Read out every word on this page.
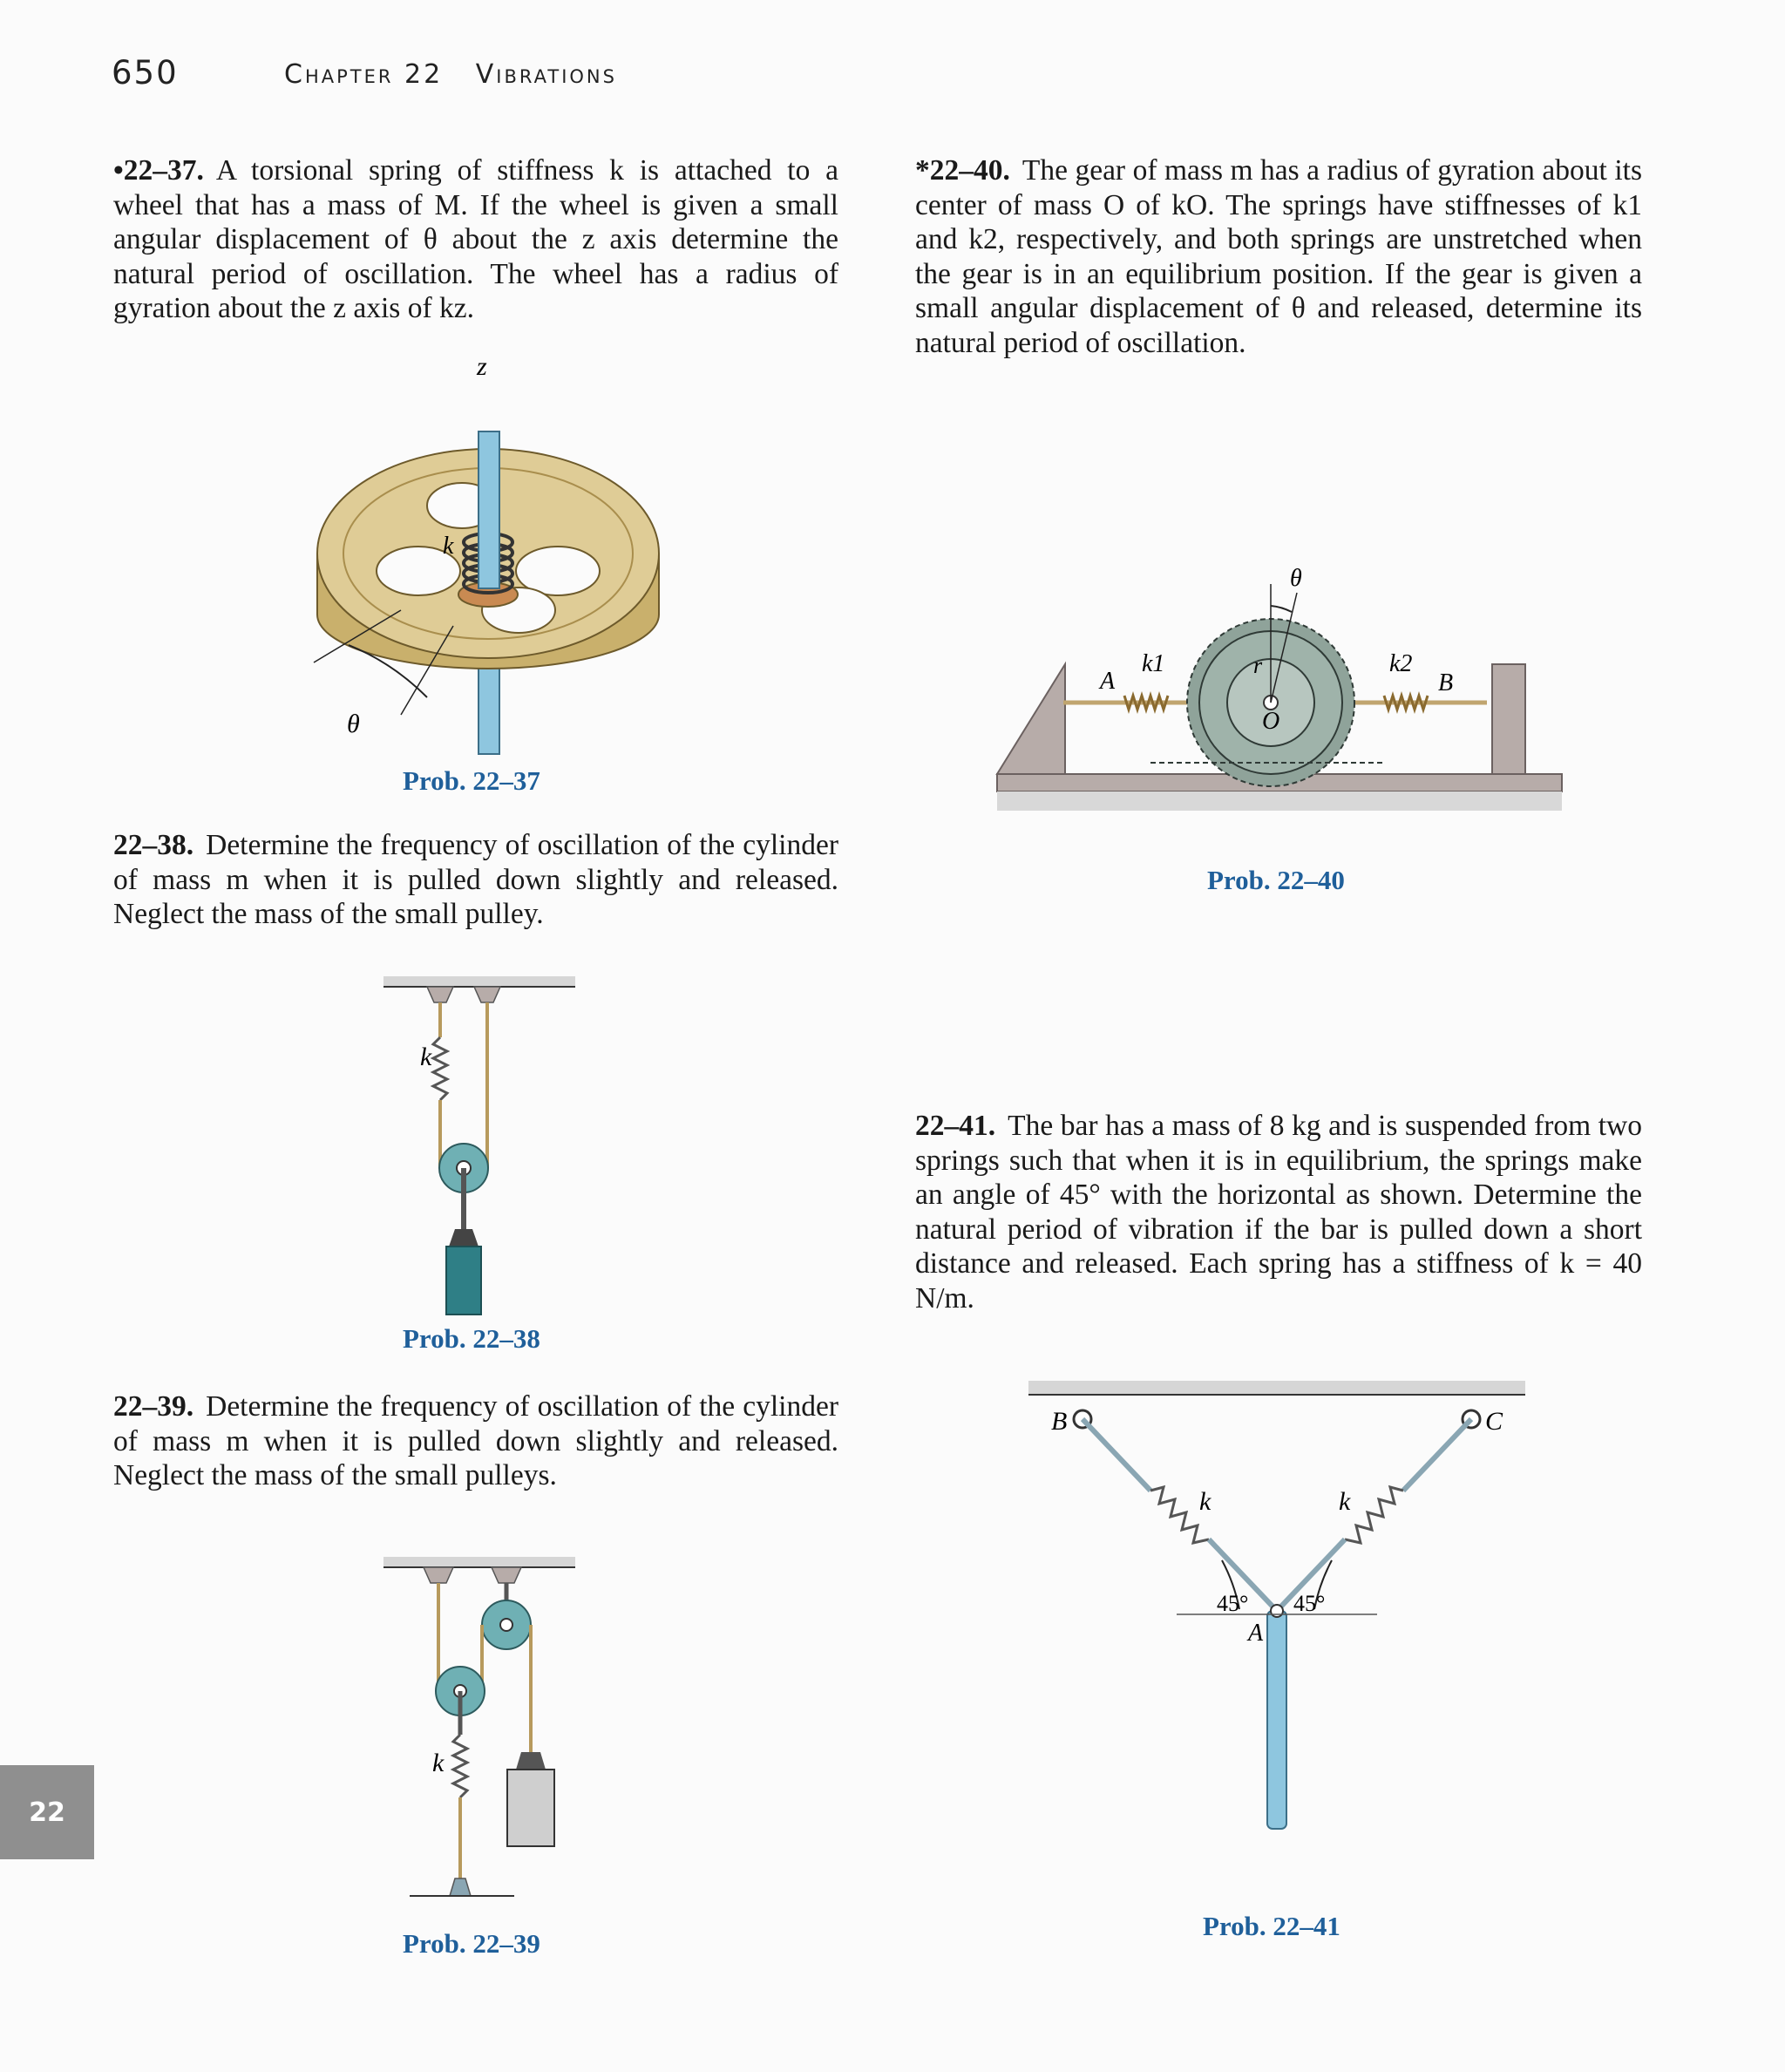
650	Chapter 22 Vibrations
22
•22–37. A torsional spring of stiffness k is attached to a wheel that has a mass of M. If the wheel is given a small angular displacement of θ about the z axis determine the natural period of oscillation. The wheel has a radius of gyration about the z axis of kz.
*22–40. The gear of mass m has a radius of gyration about its center of mass O of kO. The springs have stiffnesses of k1 and k2, respectively, and both springs are unstretched when the gear is in an equilibrium position. If the gear is given a small angular displacement of θ and released, determine its natural period of oscillation.
22–38. Determine the frequency of oscillation of the cylinder of mass m when it is pulled down slightly and released. Neglect the mass of the small pulley.
22–41. The bar has a mass of 8 kg and is suspended from two springs such that when it is in equilibrium, the springs make an angle of 45° with the horizontal as shown. Determine the natural period of vibration if the bar is pulled down a short distance and released. Each spring has a stiffness of k = 40 N/m.
22–39. Determine the frequency of oscillation of the cylinder of mass m when it is pulled down slightly and released. Neglect the mass of the small pulleys.
Prob. 22–37
Prob. 22–40
Prob. 22–38
Prob. 22–41
Prob. 22–39
z
k
θ
θ
A
k1	r	k2
B
O
k
B	C
k	k
45° 45°
A
k
